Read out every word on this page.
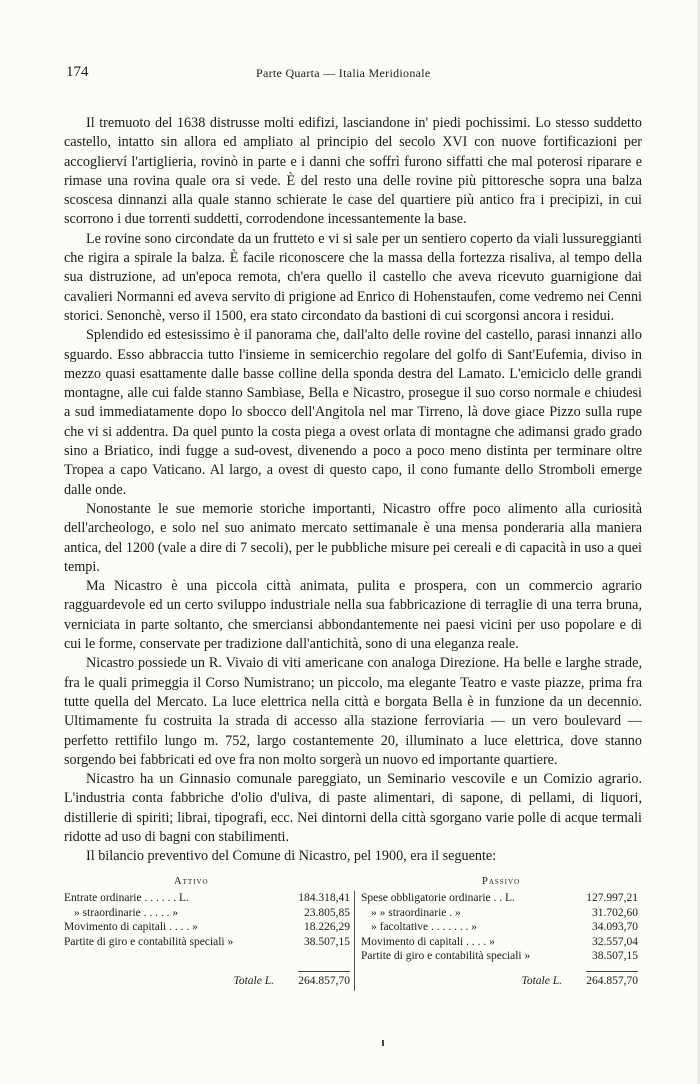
174	Parte Quarta — Italia Meridionale

Il tremuoto del 1638 distrusse molti edifizi, lasciandone in' piedi pochissimi. Lo stesso suddetto castello, intatto sin allora ed ampliato al principio del secolo XVI con nuove fortificazioni per accoglierví l'artiglieria, rovinò in parte e i danni che soffrì furono siffatti che mal poterosi riparare e rimase una rovina quale ora si vede. È del resto una delle rovine più pittoresche sopra una balza scoscesa dinnanzi alla quale stanno schierate le case del quartiere più antico fra i precipizi, in cui scorrono i due torrenti suddetti, corrodendone incessantemente la base.

Le rovine sono circondate da un frutteto e vi si sale per un sentiero coperto da viali lussureggianti che rigira a spirale la balza. È facile riconoscere che la massa della fortezza risaliva, al tempo della sua distruzione, ad un'epoca remota, ch'era quello il castello che aveva ricevuto guarnigione dai cavalieri Normanni ed aveva servito di prigione ad Enrico di Hohenstaufen, come vedremo nei Cenni storici. Senonchè, verso il 1500, era stato circondato da bastioni di cui scorgonsi ancora i residui.

Splendido ed estesissimo è il panorama che, dall'alto delle rovine del castello, parasi innanzi allo sguardo. Esso abbraccia tutto l'insieme in semicerchio regolare del golfo di Sant'Eufemia, diviso in mezzo quasi esattamente dalle basse colline della sponda destra del Lamato. L'emiciclo delle grandi montagne, alle cui falde stanno Sambiase, Bella e Nicastro, prosegue il suo corso normale e chiudesi a sud immediatamente dopo lo sbocco dell'Angitola nel mar Tirreno, là dove giace Pizzo sulla rupe che vi si addentra. Da quel punto la costa piega a ovest orlata di montagne che adimansi grado grado sino a Briatico, indi fugge a sud-ovest, divenendo a poco a poco meno distinta per terminare oltre Tropea a capo Vaticano. Al largo, a ovest di questo capo, il cono fumante dello Stromboli emerge dalle onde.

Nonostante le sue memorie storiche importanti, Nicastro offre poco alimento alla curiosità dell'archeologo, e solo nel suo animato mercato settimanale è una mensa ponderaria alla maniera antica, del 1200 (vale a dire di 7 secoli), per le pubbliche misure pei cereali e di capacità in uso a quei tempi.

Ma Nicastro è una piccola città animata, pulita e prospera, con un commercio agrario ragguardevole ed un certo sviluppo industriale nella sua fabbricazione di terraglie di una terra bruna, verniciata in parte soltanto, che smerciansi abbondantemente nei paesi vicini per uso popolare e di cui le forme, conservate per tradizione dall'antichità, sono di una eleganza reale.

Nicastro possiede un R. Vivaio di viti americane con analoga Direzione. Ha belle e larghe strade, fra le quali primeggia il Corso Numistrano; un piccolo, ma elegante Teatro e vaste piazze, prima fra tutte quella del Mercato. La luce elettrica nella città e borgata Bella è in funzione da un decennio. Ultimamente fu costruita la strada di accesso alla stazione ferroviaria — un vero boulevard — perfetto rettifilo lungo m. 752, largo costantemente 20, illuminato a luce elettrica, dove stanno sorgendo bei fabbricati ed ove fra non molto sorgerà un nuovo ed importante quartiere.

Nicastro ha un Ginnasio comunale pareggiato, un Seminario vescovile e un Comizio agrario. L'industria conta fabbriche d'olio d'uliva, di paste alimentari, di sapone, di pellami, di liquori, distillerie di spiriti; librai, tipografi, ecc. Nei dintorni della città sgorgano varie polle di acque termali ridotte ad uso di bagni con stabilimenti.

Il bilancio preventivo del Comune di Nicastro, pel 1900, era il seguente:

Attivo	Passivo
Entrate ordinarie . . . . . . L.	184.318,41
» straordinarie . . . . . »	23.805,85
Movimento di capitali . . . . »	18.226,29
Partite di giro e contabilità speciali »	38.507,15
Totale L. 264.857,70
Spese obbligatorie ordinarie . . L.	127.997,21
» » straordinarie . »	31.702,60
» facoltative . . . . . . . »	34.093,70
Movimento di capitali . . . . »	32.557,04
Partite di giro e contabilità speciali »	38.507,15
Totale L. 264.857,70
